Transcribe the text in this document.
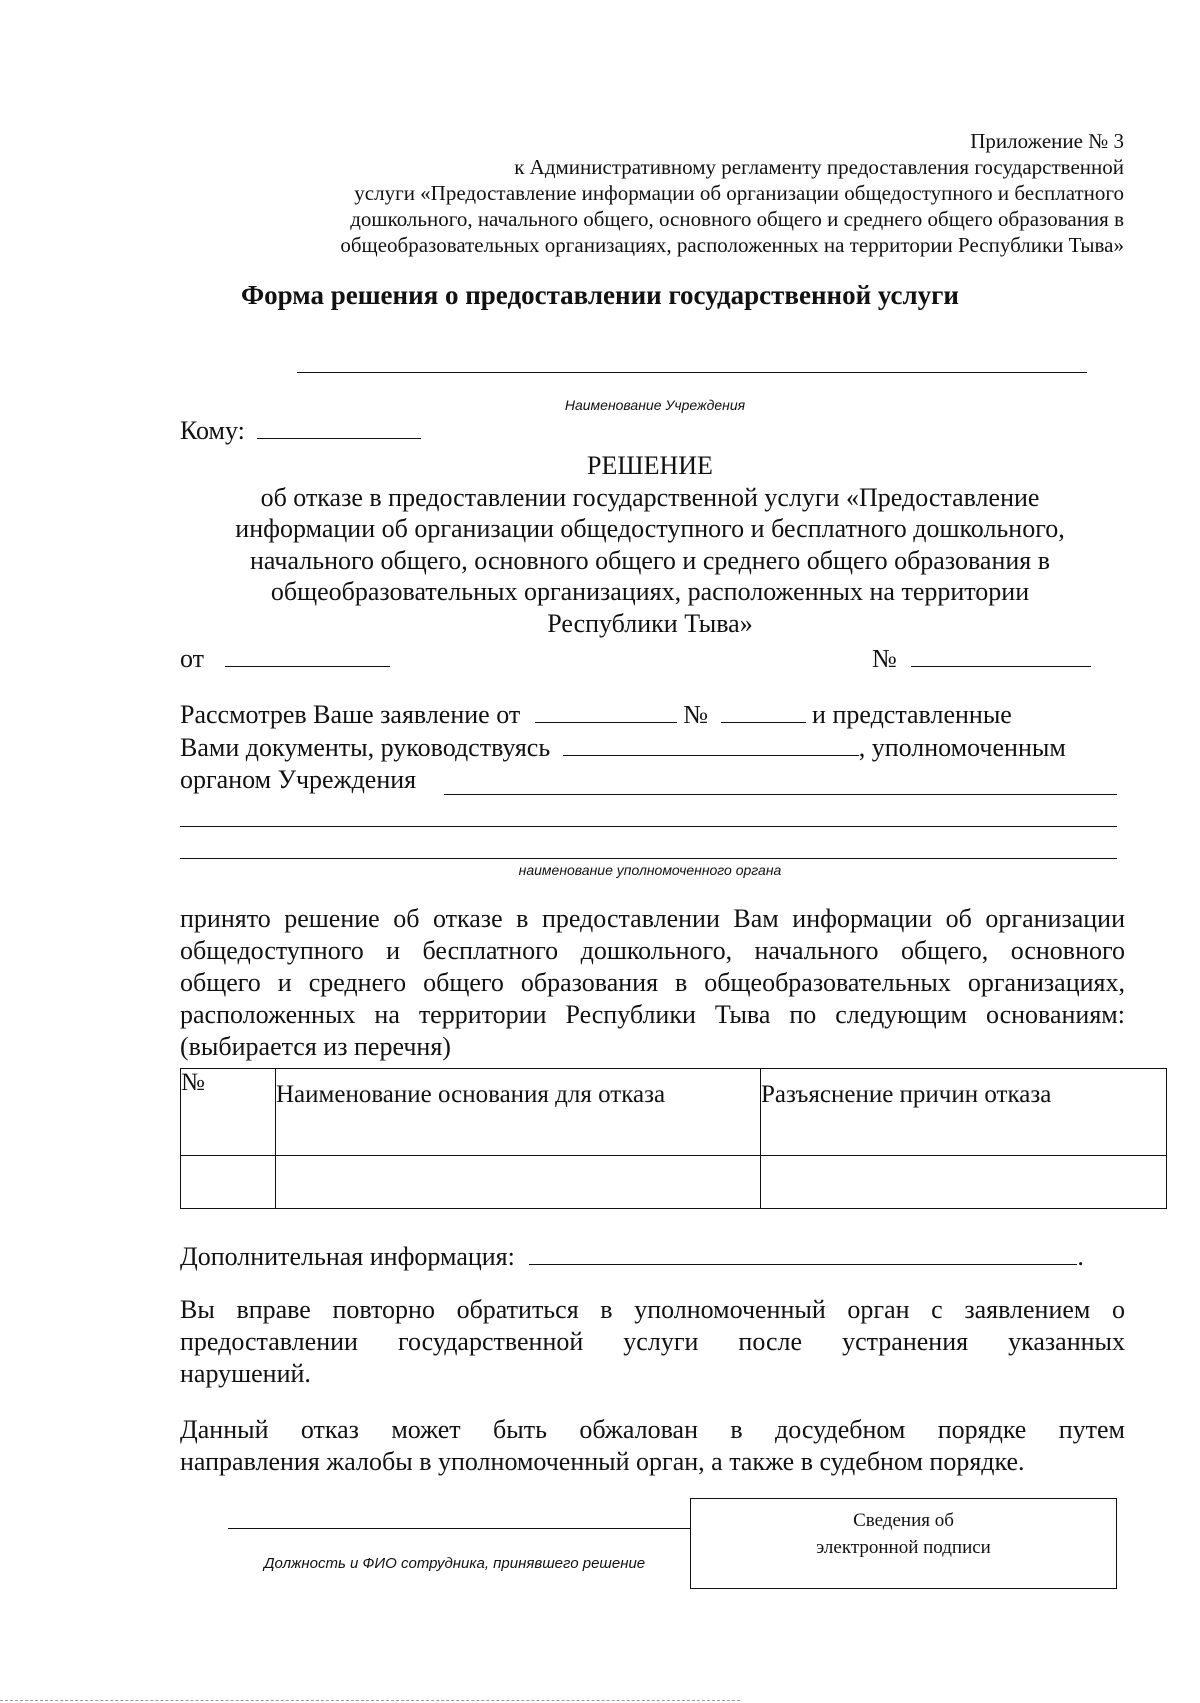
Приложение № 3
к Административному регламенту предоставления государственной
услуги «Предоставление информации об организации общедоступного и бесплатного
дошкольного, начального общего, основного общего и среднего общего образования в
общеобразовательных организациях, расположенных на территории Республики Тыва»
Форма решения о предоставлении государственной услуги
Наименование Учреждения
Кому:
РЕШЕНИЕ
об отказе в предоставлении государственной услуги «Предоставление
информации об организации общедоступного и бесплатного дошкольного,
начального общего, основного общего и среднего общего образования в
общеобразовательных организациях, расположенных на территории
Республики Тыва»
от	№
Рассмотрев Ваше заявление от	№	и представленные
Вами документы, руководствуясь	, уполномоченным
органом Учреждения
наименование уполномоченного органа
принято решение об отказе в предоставлении Вам информации об организации
общедоступного и бесплатного дошкольного, начального общего, основного
общего и среднего общего образования в общеобразовательных организациях,
расположенных на территории Республики Тыва по следующим основаниям:
(выбирается из перечня)
№	Наименование основания для отказа	Разъяснение причин отказа

Дополнительная информация:	.
Вы вправе повторно обратиться в уполномоченный орган с заявлением о
предоставлении государственной услуги после устранения указанных
нарушений.
Данный отказ может быть обжалован в досудебном порядке путем
направления жалобы в уполномоченный орган, а также в судебном порядке.
Должность и ФИО сотрудника, принявшего решение
Сведения об
электронной подписи
